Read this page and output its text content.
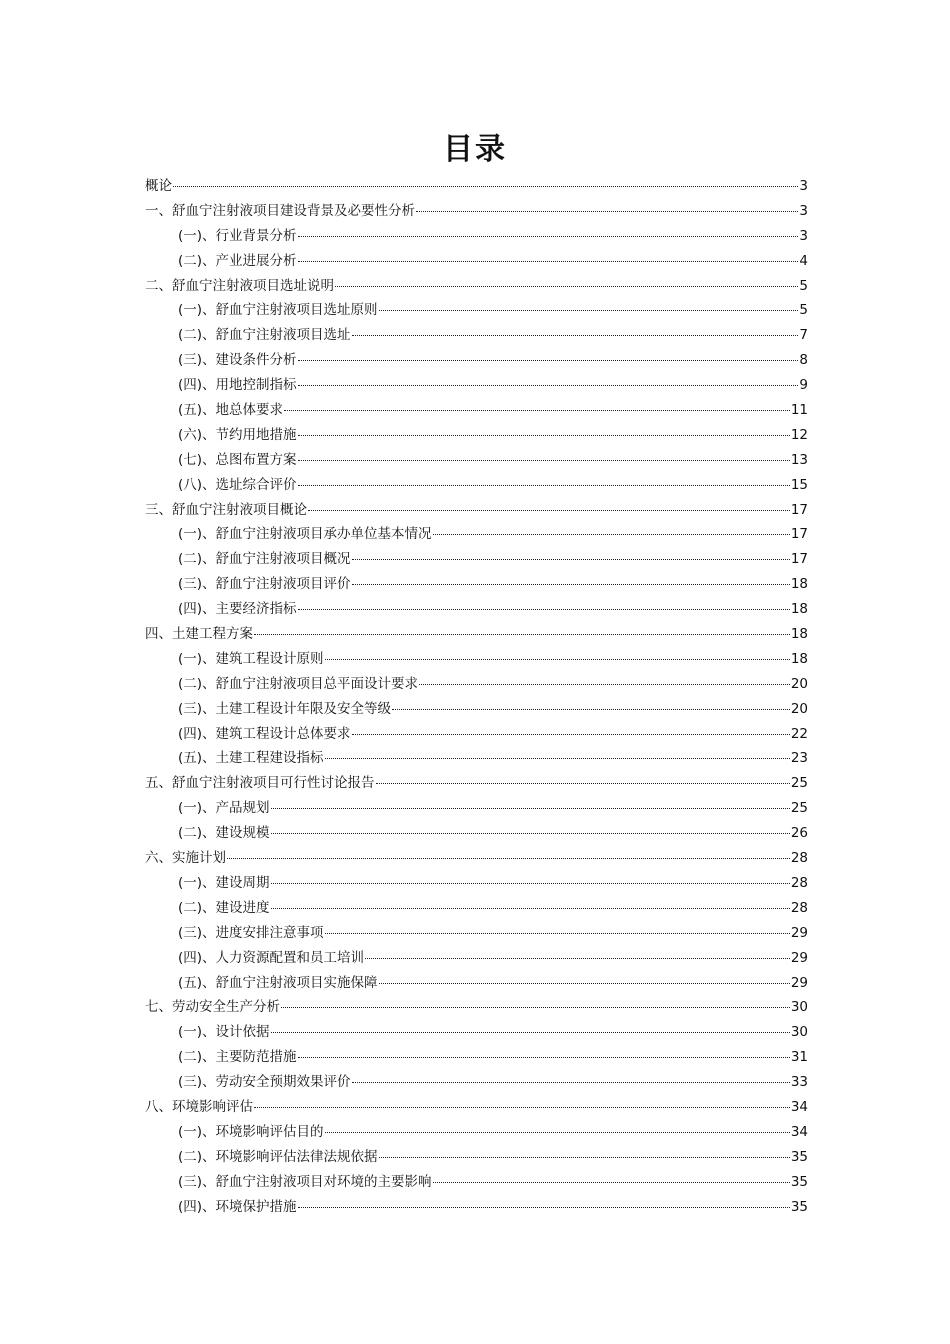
目录
概论	3
一、舒血宁注射液项目建设背景及必要性分析	3
(一)、行业背景分析	3
(二)、产业进展分析	4
二、舒血宁注射液项目选址说明	5
(一)、舒血宁注射液项目选址原则	5
(二)、舒血宁注射液项目选址	7
(三)、建设条件分析	8
(四)、用地控制指标	9
(五)、地总体要求	11
(六)、节约用地措施	12
(七)、总图布置方案	13
(八)、选址综合评价	15
三、舒血宁注射液项目概论	17
(一)、舒血宁注射液项目承办单位基本情况	17
(二)、舒血宁注射液项目概况	17
(三)、舒血宁注射液项目评价	18
(四)、主要经济指标	18
四、土建工程方案	18
(一)、建筑工程设计原则	18
(二)、舒血宁注射液项目总平面设计要求	20
(三)、土建工程设计年限及安全等级	20
(四)、建筑工程设计总体要求	22
(五)、土建工程建设指标	23
五、舒血宁注射液项目可行性讨论报告	25
(一)、产品规划	25
(二)、建设规模	26
六、实施计划	28
(一)、建设周期	28
(二)、建设进度	28
(三)、进度安排注意事项	29
(四)、人力资源配置和员工培训	29
(五)、舒血宁注射液项目实施保障	29
七、劳动安全生产分析	30
(一)、设计依据	30
(二)、主要防范措施	31
(三)、劳动安全预期效果评价	33
八、环境影响评估	34
(一)、环境影响评估目的	34
(二)、环境影响评估法律法规依据	35
(三)、舒血宁注射液项目对环境的主要影响	35
(四)、环境保护措施	35
